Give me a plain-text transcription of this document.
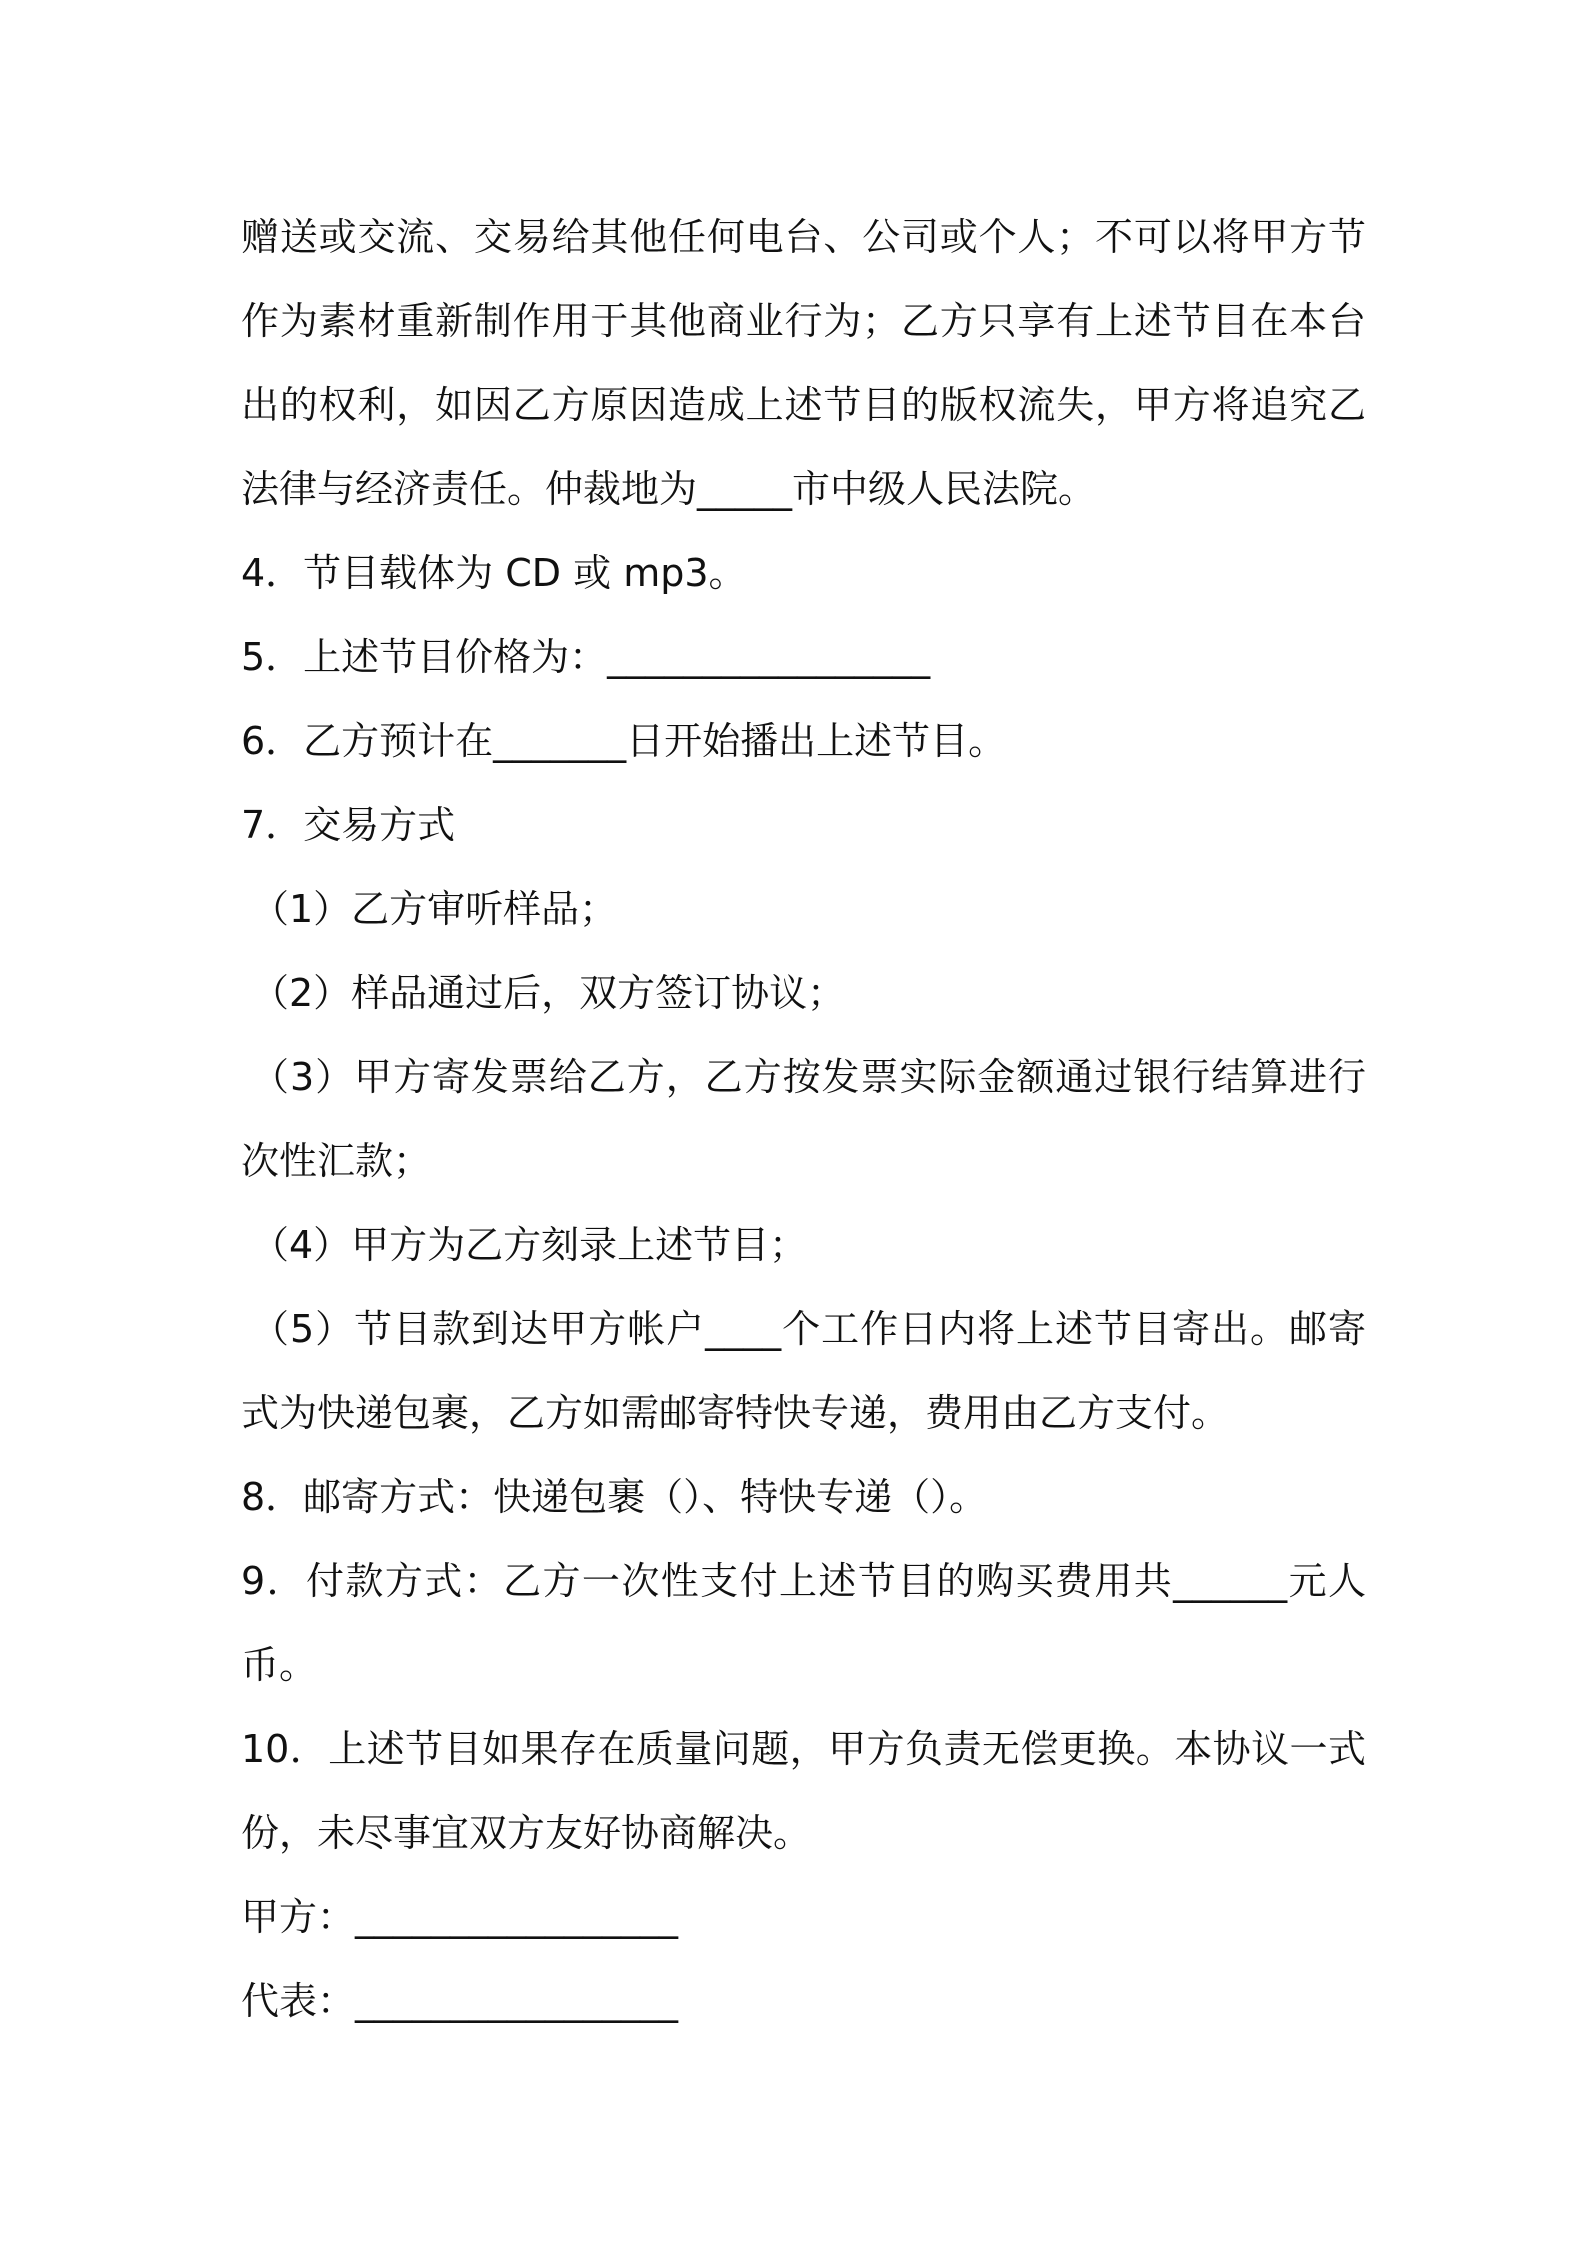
赠送或交流、交易给其他任何电台、公司或个人；不可以将甲方节
作为素材重新制作用于其他商业行为；乙方只享有上述节目在本台
出的权利，如因乙方原因造成上述节目的版权流失，甲方将追究乙
法律与经济责任。仲裁地为_____市中级人民法院。
4．节目载体为 CD 或 mp3。
5．上述节目价格为：_________________
6．乙方预计在_______日开始播出上述节目。
7．交易方式
（1）乙方审听样品；
（2）样品通过后，双方签订协议；
（3）甲方寄发票给乙方，乙方按发票实际金额通过银行结算进行
次性汇款；
（4）甲方为乙方刻录上述节目；
（5）节目款到达甲方帐户____个工作日内将上述节目寄出。邮寄
式为快递包裹，乙方如需邮寄特快专递，费用由乙方支付。
8．邮寄方式：快递包裹（）、特快专递（）。
9．付款方式：乙方一次性支付上述节目的购买费用共______元人
币。
10．上述节目如果存在质量问题，甲方负责无偿更换。本协议一式
份，未尽事宜双方友好协商解决。
甲方：_________________
代表：_________________
